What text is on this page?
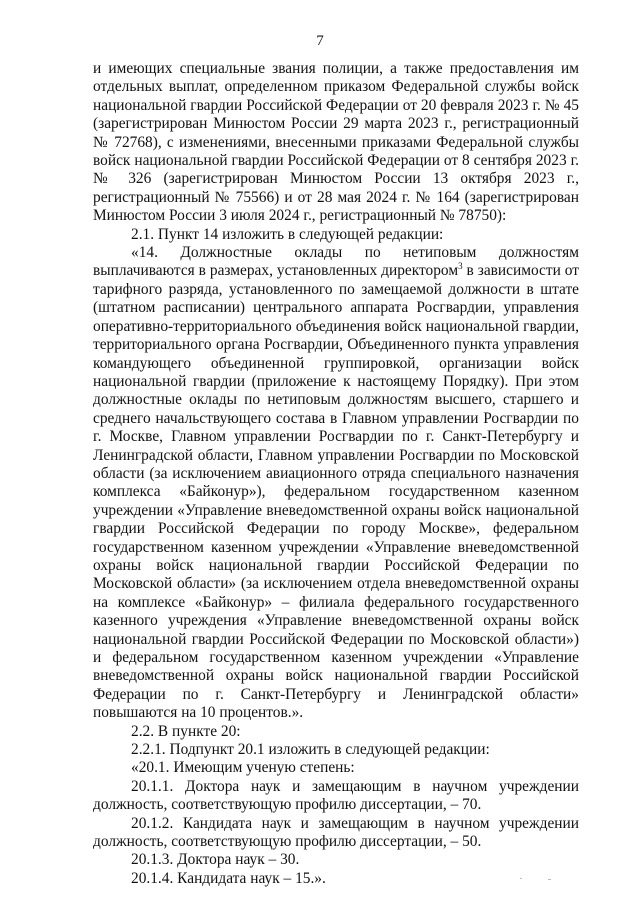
7

и имеющих специальные звания полиции, а также предоставления им отдельных выплат, определенном приказом Федеральной службы войск национальной гвардии Российской Федерации от 20 февраля 2023 г. № 45 (зарегистрирован Минюстом России 29 марта 2023 г., регистрационный № 72768), с изменениями, внесенными приказами Федеральной службы войск национальной гвардии Российской Федерации от 8 сентября 2023 г. № 326 (зарегистрирован Минюстом России 13 октября 2023 г., регистрационный № 75566) и от 28 мая 2024 г. № 164 (зарегистрирован Минюстом России 3 июля 2024 г., регистрационный № 78750):

2.1. Пункт 14 изложить в следующей редакции:

«14. Должностные оклады по нетиповым должностям выплачиваются в размерах, установленных директором$^3$ в зависимости от тарифного разряда, установленного по замещаемой должности в штате (штатном расписании) центрального аппарата Росгвардии, управления оперативно-территориального объединения войск национальной гвардии, территориального органа Росгвардии, Объединенного пункта управления командующего объединенной группировкой, организации войск национальной гвардии (приложение к настоящему Порядку). При этом должностные оклады по нетиповым должностям высшего, старшего и среднего начальствующего состава в Главном управлении Росгвардии по г. Москве, Главном управлении Росгвардии по г. Санкт-Петербургу и Ленинградской области, Главном управлении Росгвардии по Московской области (за исключением авиационного отряда специального назначения комплекса «Байконур»), федеральном государственном казенном учреждении «Управление вневедомственной охраны войск национальной гвардии Российской Федерации по городу Москве», федеральном государственном казенном учреждении «Управление вневедомственной охраны войск национальной гвардии Российской Федерации по Московской области» (за исключением отдела вневедомственной охраны на комплексе «Байконур» – филиала федерального государственного казенного учреждения «Управление вневедомственной охраны войск национальной гвардии Российской Федерации по Московской области») и федеральном государственном казенном учреждении «Управление вневедомственной охраны войск национальной гвардии Российской Федерации по г. Санкт-Петербургу и Ленинградской области» повышаются на 10 процентов.».

2.2. В пункте 20:

2.2.1. Подпункт 20.1 изложить в следующей редакции:

«20.1. Имеющим ученую степень:

20.1.1. Доктора наук и замещающим в научном учреждении должность, соответствующую профилю диссертации, – 70.

20.1.2. Кандидата наук и замещающим в научном учреждении должность, соответствующую профилю диссертации, – 50.

20.1.3. Доктора наук – 30.

20.1.4. Кандидата наук – 15.».
